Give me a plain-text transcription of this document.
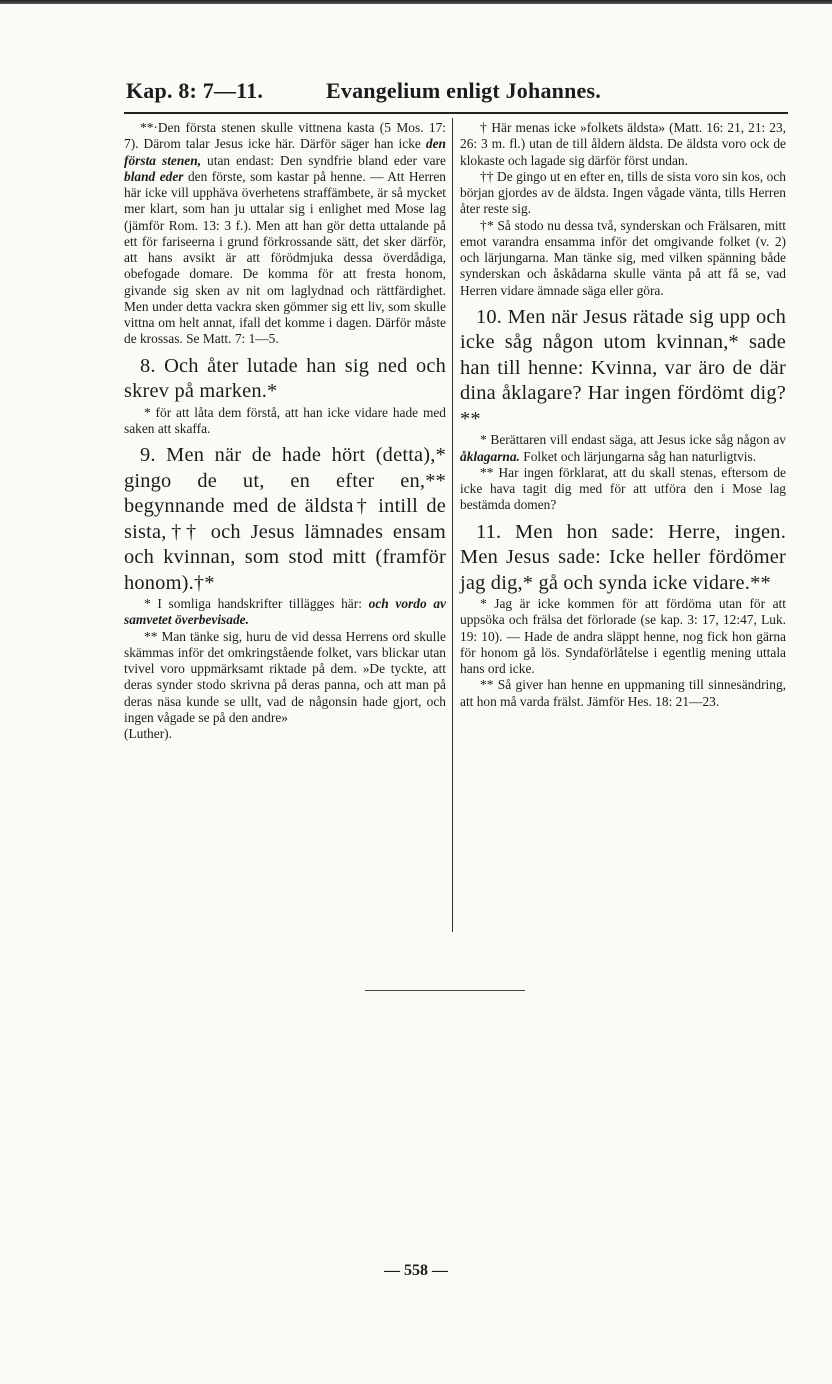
Kap. 8: 7—11.	Evangelium enligt Johannes.

**·Den första stenen skulle vittnena kasta (5 Mos. 17: 7). Därom talar Jesus icke här. Därför säger han icke den första stenen, utan endast: Den syndfrie bland eder vare bland eder den förste, som kastar på henne. — Att Herren här icke vill upphäva överhetens straffämbete, är så mycket mer klart, som han ju uttalar sig i enlighet med Mose lag (jämför Rom. 13: 3 f.). Men att han gör detta uttalande på ett för fariseerna i grund förkrossande sätt, det sker därför, att hans avsikt är att förödmjuka dessa överdådiga, obefogade domare. De komma för att fresta honom, givande sig sken av nit om laglydnad och rättfärdighet. Men under detta vackra sken gömmer sig ett liv, som skulle vittna om helt annat, ifall det komme i dagen. Därför måste de krossas. Se Matt. 7: 1—5.

8. Och åter lutade han sig ned och skrev på marken.*

* för att låta dem förstå, att han icke vidare hade med saken att skaffa.

9. Men när de hade hört (detta),* gingo de ut, en efter en,** begynnande med de äldsta† intill de sista,†† och Jesus lämnades ensam och kvinnan, som stod mitt (framför honom).†*

* I somliga handskrifter tillägges här: och vordo av samvetet överbevisade.

** Man tänke sig, huru de vid dessa Herrens ord skulle skämmas inför det omkringstående folket, vars blickar utan tvivel voro uppmärksamt riktade på dem. »De tyckte, att deras synder stodo skrivna på deras panna, och att man på deras näsa kunde se ullt, vad de någonsin hade gjort, och ingen vågade se på den andre»

(Luther).

† Här menas icke »folkets äldsta» (Matt. 16: 21, 21: 23, 26: 3 m. fl.) utan de till åldern äldsta. De äldsta voro ock de klokaste och lagade sig därför först undan.

†† De gingo ut en efter en, tills de sista voro sin kos, och början gjordes av de äldsta. Ingen vågade vänta, tills Herren åter reste sig.

†* Så stodo nu dessa två, synderskan och Frälsaren, mitt emot varandra ensamma inför det omgivande folket (v. 2) och lärjungarna. Man tänke sig, med vilken spänning både synderskan och åskådarna skulle vänta på att få se, vad Herren vidare ämnade säga eller göra.

10. Men när Jesus rätade sig upp och icke såg någon utom kvinnan,* sade han till henne: Kvinna, var äro de där dina åklagare? Har ingen fördömt dig?**

* Berättaren vill endast säga, att Jesus icke såg någon av åklagarna. Folket och lärjungarna såg han naturligtvis.

** Har ingen förklarat, att du skall stenas, eftersom de icke hava tagit dig med för att utföra den i Mose lag bestämda domen?

11. Men hon sade: Herre, ingen. Men Jesus sade: Icke heller fördömer jag dig,* gå och synda icke vidare.**

* Jag är icke kommen för att fördöma utan för att uppsöka och frälsa det förlorade (se kap. 3: 17, 12:47, Luk. 19: 10). — Hade de andra släppt henne, nog fick hon gärna för honom gå lös. Syndaförlåtelse i egentlig mening uttala hans ord icke.

** Så giver han henne en uppmaning till sinnesändring, att hon må varda frälst. Jämför Hes. 18: 21—23.

— 558 —
